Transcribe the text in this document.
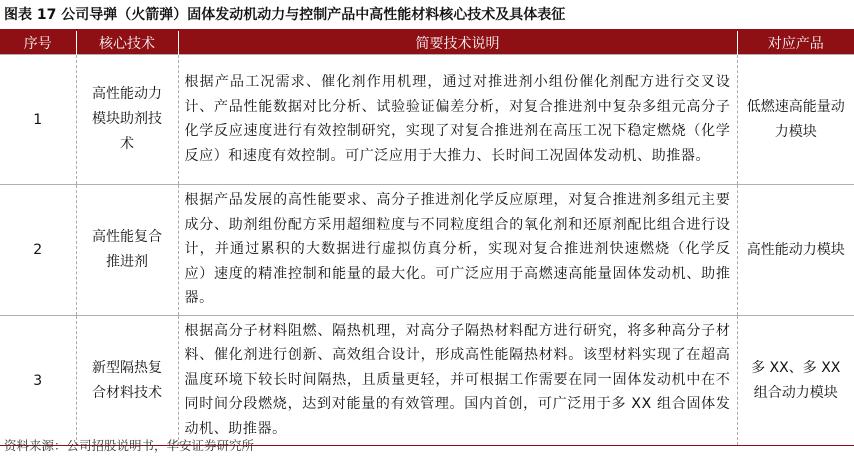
图表 17 公司导弹（火箭弹）固体发动机动力与控制产品中高性能材料核心技术及具体表征
序号	核心技术	简要技术说明	对应产品
1	高性能动力模块助剂技术	根据产品工况需求、催化剂作用机理，通过对推进剂小组份催化剂配方进行交叉设计、产品性能数据对比分析、试验验证偏差分析，对复合推进剂中复杂多组元高分子化学反应速度进行有效控制研究，实现了对复合推进剂在高压工况下稳定燃烧（化学反应）和速度有效控制。可广泛应用于大推力、长时间工况固体发动机、助推器。	低燃速高能量动力模块
2	高性能复合推进剂	根据产品发展的高性能要求、高分子推进剂化学反应原理，对复合推进剂多组元主要成分、助剂组份配方采用超细粒度与不同粒度组合的氧化剂和还原剂配比组合进行设计，并通过累积的大数据进行虚拟仿真分析，实现对复合推进剂快速燃烧（化学反应）速度的精准控制和能量的最大化。可广泛应用于高燃速高能量固体发动机、助推器。	高性能动力模块
3	新型隔热复合材料技术	根据高分子材料阻燃、隔热机理，对高分子隔热材料配方进行研究，将多种高分子材料、催化剂进行创新、高效组合设计，形成高性能隔热材料。该型材料实现了在超高温度环境下较长时间隔热，且质量更轻，并可根据工作需要在同一固体发动机中在不同时间分段燃烧，达到对能量的有效管理。国内首创，可广泛用于多 XX 组合固体发动机、助推器。	多 XX、多 XX 组合动力模块
资料来源：公司招股说明书，华安证券研究所
